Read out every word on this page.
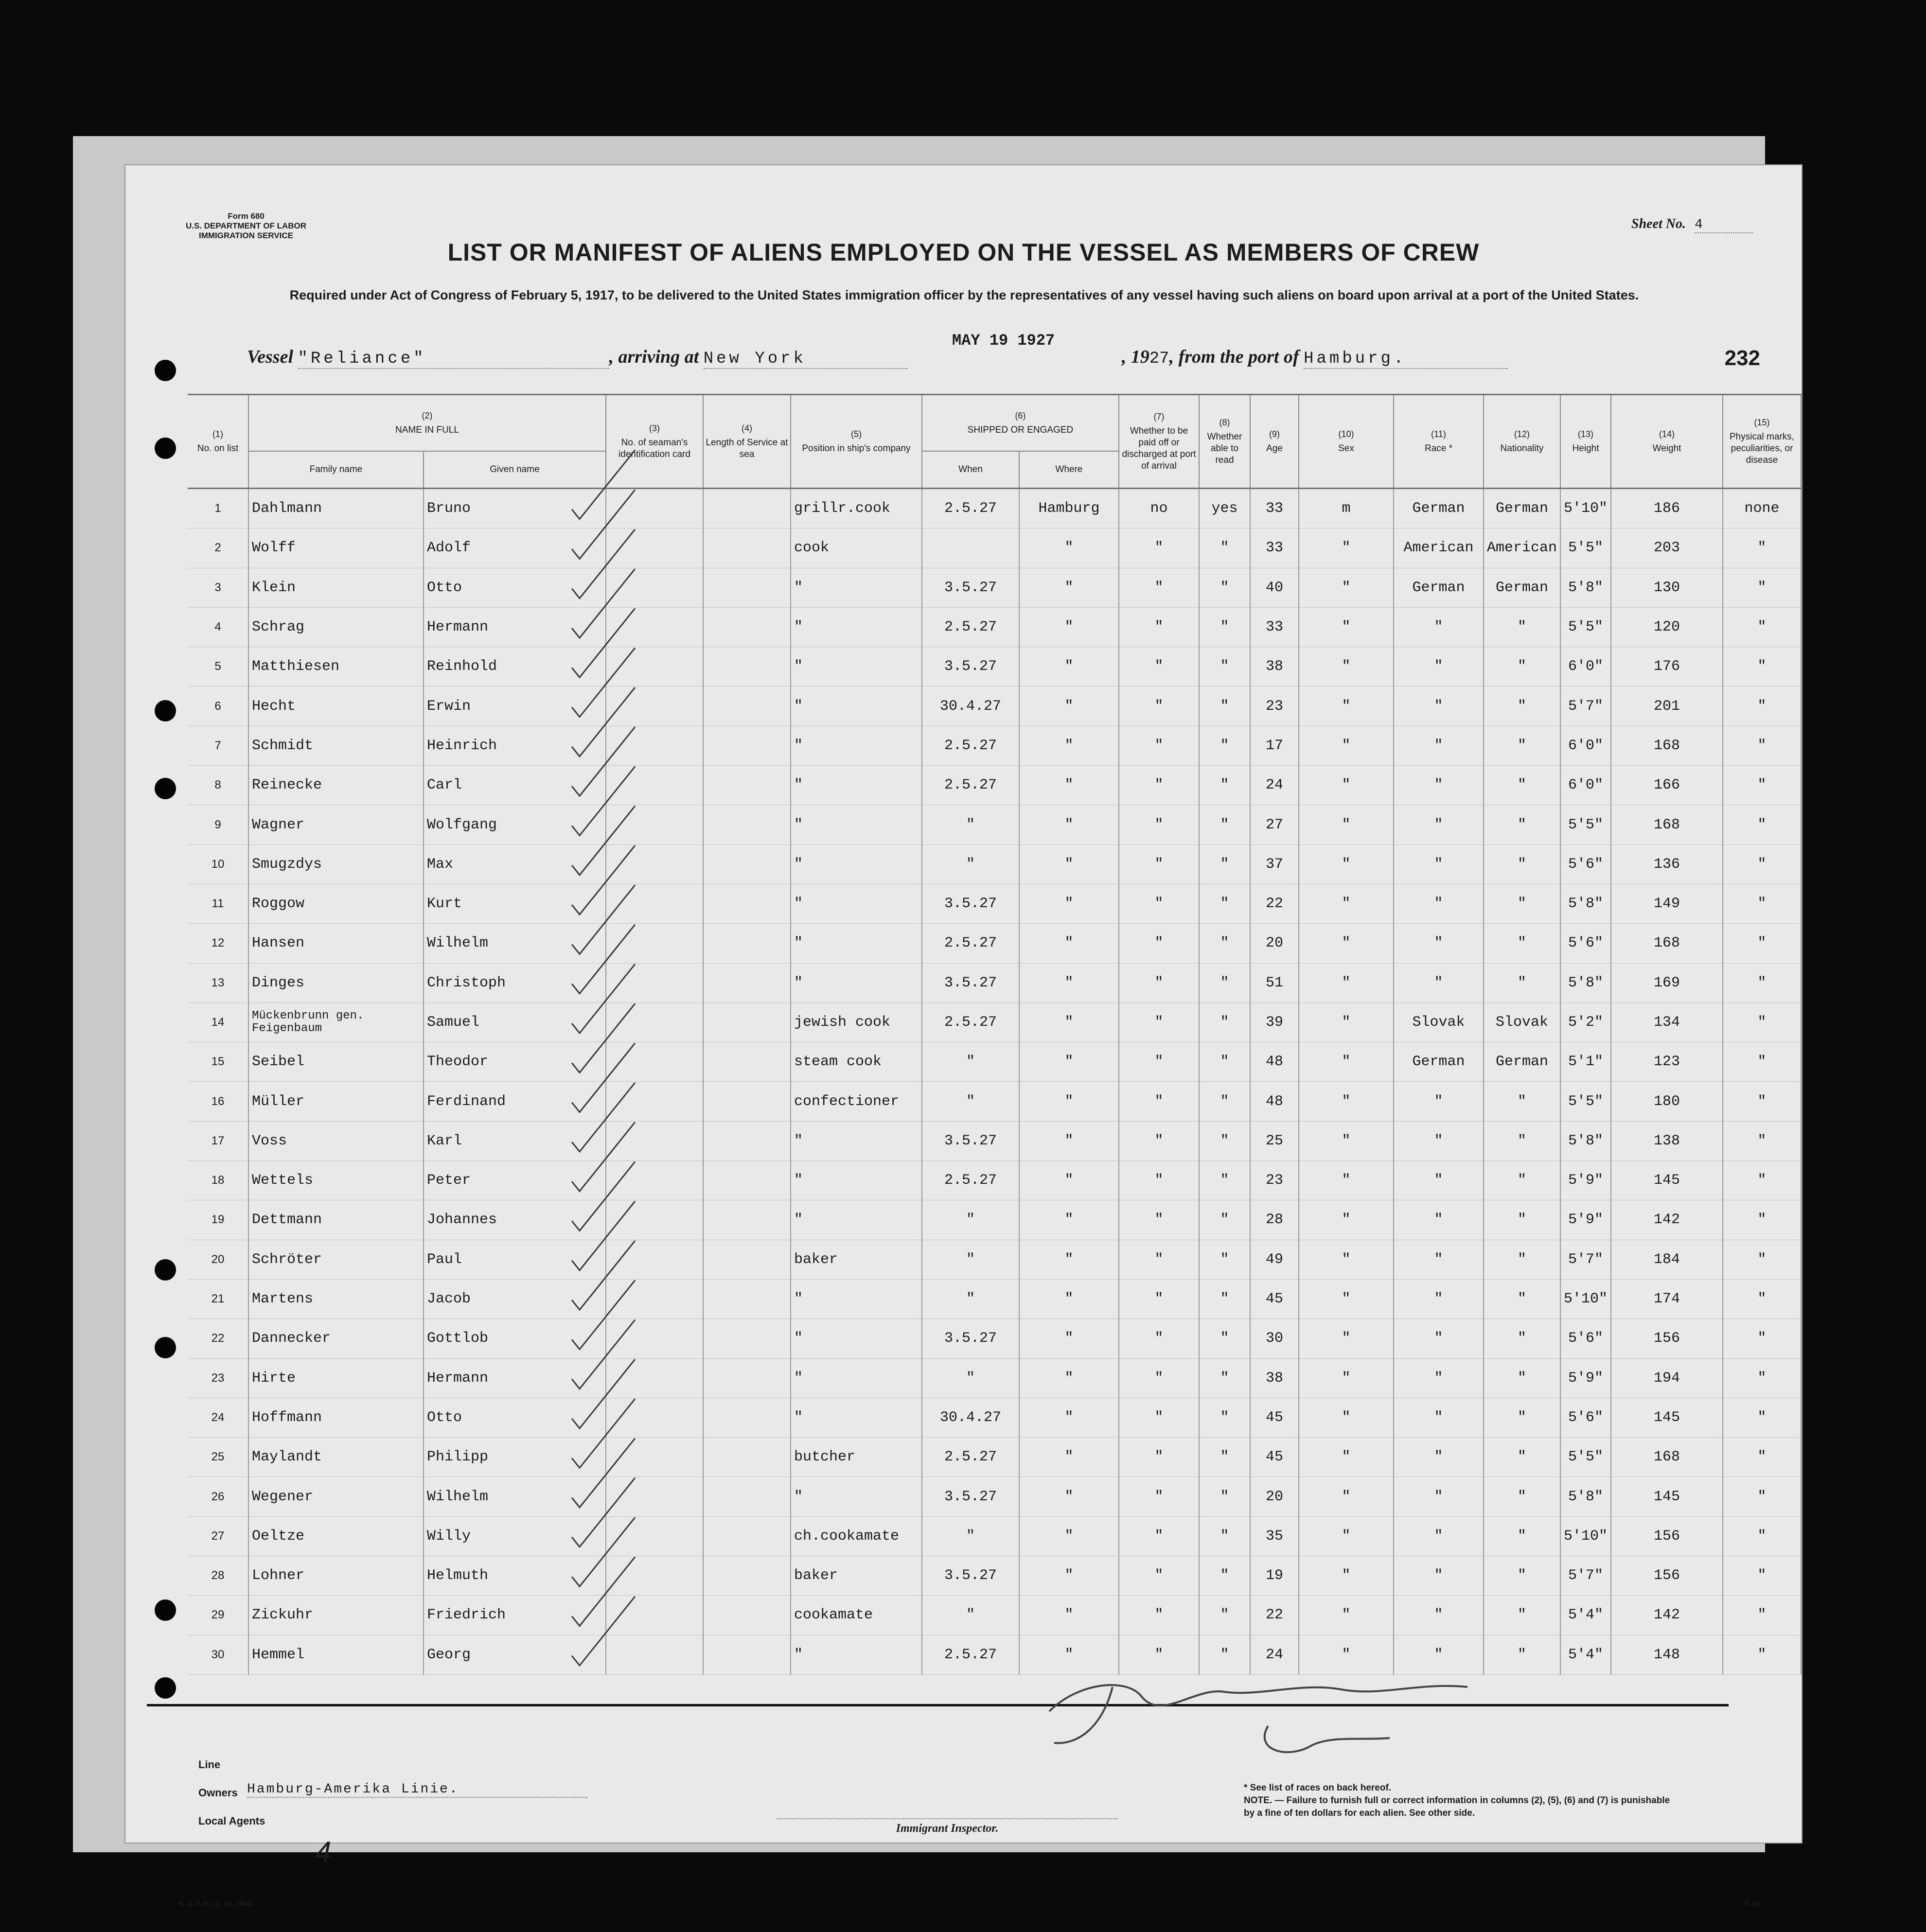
Form 680
U.S. DEPARTMENT OF LABOR
IMMIGRATION SERVICE
Sheet No. 4
LIST OR MANIFEST OF ALIENS EMPLOYED ON THE VESSEL AS MEMBERS OF CREW
Required under Act of Congress of February 5, 1917, to be delivered to the United States immigration officer by the representatives of any vessel having such aliens on board upon arrival at a port of the United States.
MAY 19 1927
Vessel "Reliance"	, arriving at New York	, 1927, from the port of Hamburg.	232
(1)
No. on list	(2)
NAME IN FULL		(3)
No. of seaman's identification card	(4)
Length of Service at sea	(5)
Position in ship's company	(6)
SHIPPED OR ENGAGED		(7)
Whether to be paid off or discharged at port of arrival	(8)
Whether able to read	(9)
Age	(10)
Sex	(11)
Race *	(12)
Nationality	(13)
Height	(14)
Weight	(15)
Physical marks, peculiarities, or disease
	Family name	Given name				When	Where									
1	Dahlmann	Bruno			grillr.cook	2.5.27	Hamburg	no	yes	33	m	German	German	5'10"	186	none
2	Wolff	Adolf			cook		"	"	"	33	"	American	American	5'5"	203	"
3	Klein	Otto			"	3.5.27	"	"	"	40	"	German	German	5'8"	130	"
4	Schrag	Hermann			"	2.5.27	"	"	"	33	"	"	"	5'5"	120	"
5	Matthiesen	Reinhold			"	3.5.27	"	"	"	38	"	"	"	6'0"	176	"
6	Hecht	Erwin			"	30.4.27	"	"	"	23	"	"	"	5'7"	201	"
7	Schmidt	Heinrich			"	2.5.27	"	"	"	17	"	"	"	6'0"	168	"
8	Reinecke	Carl			"	2.5.27	"	"	"	24	"	"	"	6'0"	166	"
9	Wagner	Wolfgang			"	"	"	"	"	27	"	"	"	5'5"	168	"
10	Smugzdys	Max			"	"	"	"	"	37	"	"	"	5'6"	136	"
11	Roggow	Kurt			"	3.5.27	"	"	"	22	"	"	"	5'8"	149	"
12	Hansen	Wilhelm			"	2.5.27	"	"	"	20	"	"	"	5'6"	168	"
13	Dinges	Christoph			"	3.5.27	"	"	"	51	"	"	"	5'8"	169	"
14	Mückenbrunn gen. Feigenbaum	Samuel			jewish cook	2.5.27	"	"	"	39	"	Slovak	Slovak	5'2"	134	"
15	Seibel	Theodor			steam cook	"	"	"	"	48	"	German	German	5'1"	123	"
16	Müller	Ferdinand			confectioner	"	"	"	"	48	"	"	"	5'5"	180	"
17	Voss	Karl			"	3.5.27	"	"	"	25	"	"	"	5'8"	138	"
18	Wettels	Peter			"	2.5.27	"	"	"	23	"	"	"	5'9"	145	"
19	Dettmann	Johannes			"	"	"	"	"	28	"	"	"	5'9"	142	"
20	Schröter	Paul			baker	"	"	"	"	49	"	"	"	5'7"	184	"
21	Martens	Jacob			"	"	"	"	"	45	"	"	"	5'10"	174	"
22	Dannecker	Gottlob			"	3.5.27	"	"	"	30	"	"	"	5'6"	156	"
23	Hirte	Hermann			"	"	"	"	"	38	"	"	"	5'9"	194	"
24	Hoffmann	Otto			"	30.4.27	"	"	"	45	"	"	"	5'6"	145	"
25	Maylandt	Philipp			butcher	2.5.27	"	"	"	45	"	"	"	5'5"	168	"
26	Wegener	Wilhelm			"	3.5.27	"	"	"	20	"	"	"	5'8"	145	"
27	Oeltze	Willy			ch.cookamate	"	"	"	"	35	"	"	"	5'10"	156	"
28	Lohner	Helmuth			baker	3.5.27	"	"	"	19	"	"	"	5'7"	156	"
29	Zickuhr	Friedrich			cookamate	"	"	"	"	22	"	"	"	5'4"	142	"
30	Hemmel	Georg			"	2.5.27	"	"	"	24	"	"	"	5'4"	148	"
Line
Owners Hamburg-Amerika Linie.
Local Agents
4
Immigrant Inspector.
* See list of races on back hereof.
NOTE. — Failure to furnish full or correct information in columns (2), (5), (6) and (7) is punishable by a fine of ten dollars for each alien. See other side.
K. & F. 9. 12. 26. 2000.	F. 53.
